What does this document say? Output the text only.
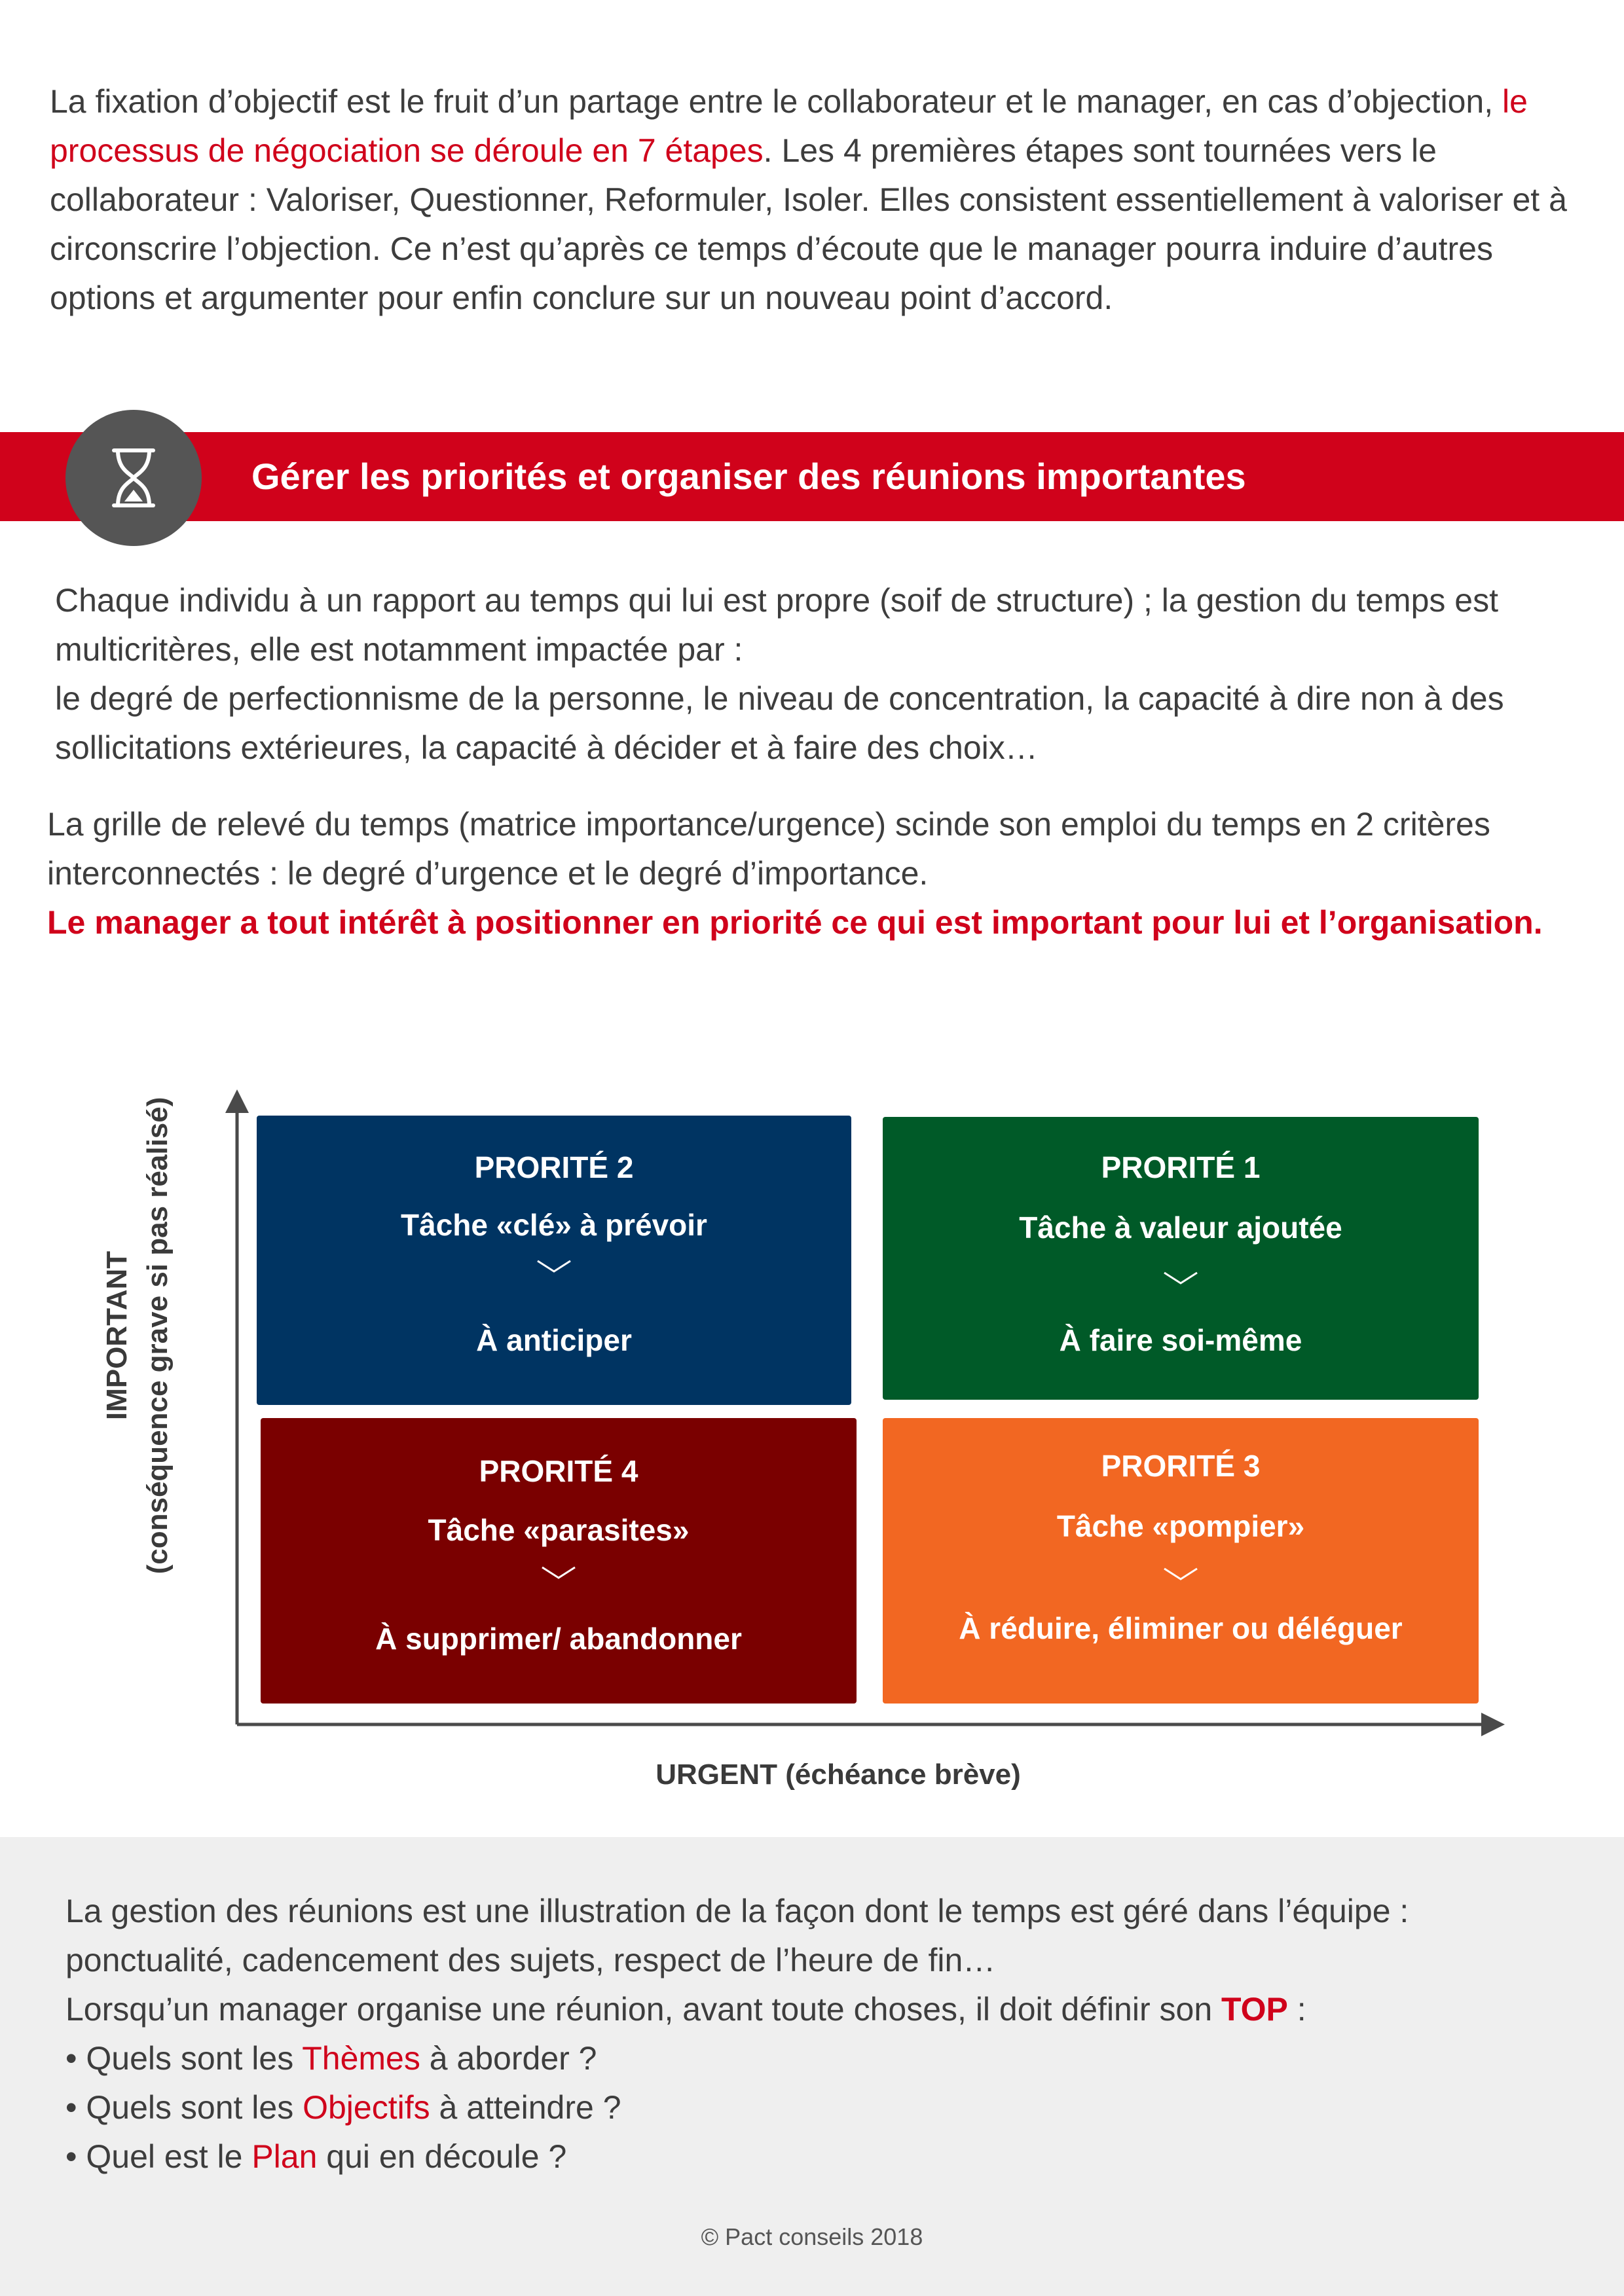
La fixation d’objectif est le fruit d’un partage entre le collaborateur et le manager, en cas d’objection, le processus de négociation se déroule en 7 étapes. Les 4 premières étapes sont tournées vers le collaborateur : Valoriser, Questionner, Reformuler, Isoler. Elles consistent essentiellement à valoriser et à circonscrire l’objection. Ce n’est qu’après ce temps d’écoute que le manager pourra induire d’autres options et argumenter pour enfin conclure sur un nouveau point d’accord.
Gérer les priorités et organiser des réunions importantes
Chaque individu à un rapport au temps qui lui est propre (soif de structure) ; la gestion du temps est multicritères, elle est notamment impactée par :
le degré de perfectionnisme de la personne, le niveau de concentration, la capacité à dire non à des sollicitations extérieures, la capacité à décider et à faire des choix…
La grille de relevé du temps (matrice importance/urgence) scinde son emploi du temps en 2 critères interconnectés : le degré d’urgence et le degré d’importance.
Le manager a tout intérêt à positionner en priorité ce qui est important pour lui et l’organisation.
IMPORTANT (conséquence grave si pas réalisé)	PRORITÉ 2
Tâche «clé» à prévoir
À anticiper
PRORITÉ 1
Tâche à valeur ajoutée
À faire soi-même
PRORITÉ 4
Tâche «parasites»
À supprimer/ abandonner
PRORITÉ 3
Tâche «pompier»
À réduire, éliminer ou déléguer
URGENT (échéance brève)
La gestion des réunions est une illustration de la façon dont le temps est géré dans l’équipe : ponctualité, cadencement des sujets, respect de l’heure de fin…
Lorsqu’un manager organise une réunion, avant toute choses, il doit définir son TOP :
• Quels sont les Thèmes à aborder ?
• Quels sont les Objectifs à atteindre ?
• Quel est le Plan qui en découle ?
© Pact conseils 2018
